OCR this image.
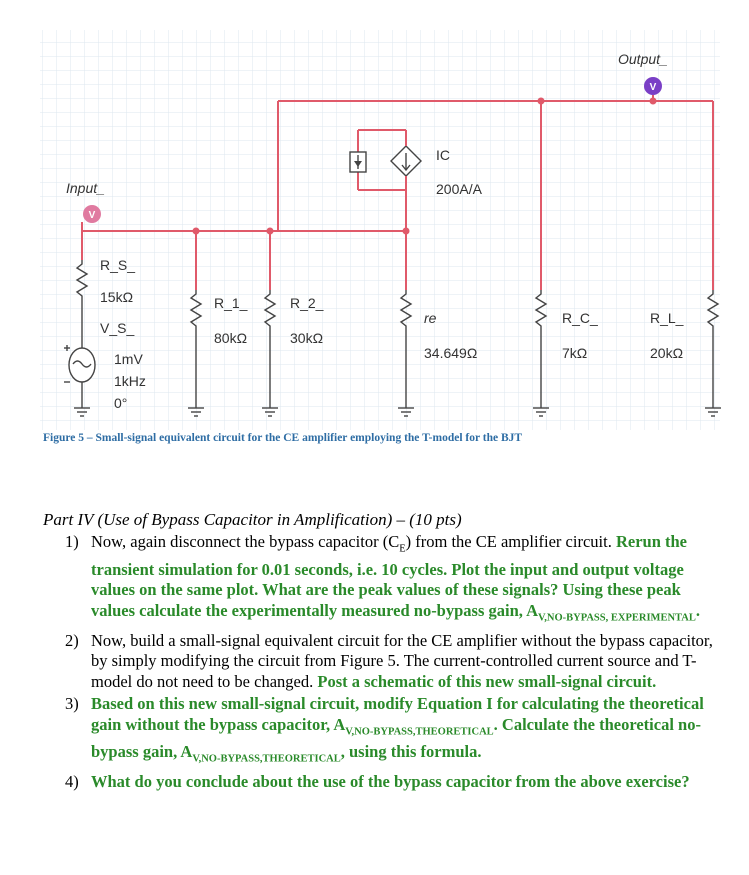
V
V
Output_
Input_
IC
200A/A
R_S_
15kΩ
V_S_
1mV
1kHz
0°
R_1_
80kΩ
R_2_
30kΩ
re
34.649Ω
R_C_
7kΩ
R_L_
20kΩ
Figure 5 – Small-signal equivalent circuit for the CE amplifier employing the T-model for the BJT
Part IV (Use of Bypass Capacitor in Amplification) – (10 pts)
1) Now, again disconnect the bypass capacitor $(C_E)$ from the CE amplifier circuit. Rerun the transient simulation for 0.01 seconds, i.e. 10 cycles. Plot the input and output voltage values on the same plot. What are the peak values of these signals? Using these peak values calculate the experimentally measured no-bypass gain, $A_{V,NO-BYPASS, EXPERIMENTAL}$.
2) Now, build a small-signal equivalent circuit for the CE amplifier without the bypass capacitor, by simply modifying the circuit from Figure 5. The current-controlled current source and T-model do not need to be changed. Post a schematic of this new small-signal circuit.
3) Based on this new small-signal circuit, modify Equation I for calculating the theoretical gain without the bypass capacitor, $A_{V,NO-BYPASS,THEORETICAL}$. Calculate the theoretical no-bypass gain, $A_{V,NO-BYPASS,THEORETICAL}$, using this formula.
4) What do you conclude about the use of the bypass capacitor from the above exercise?
